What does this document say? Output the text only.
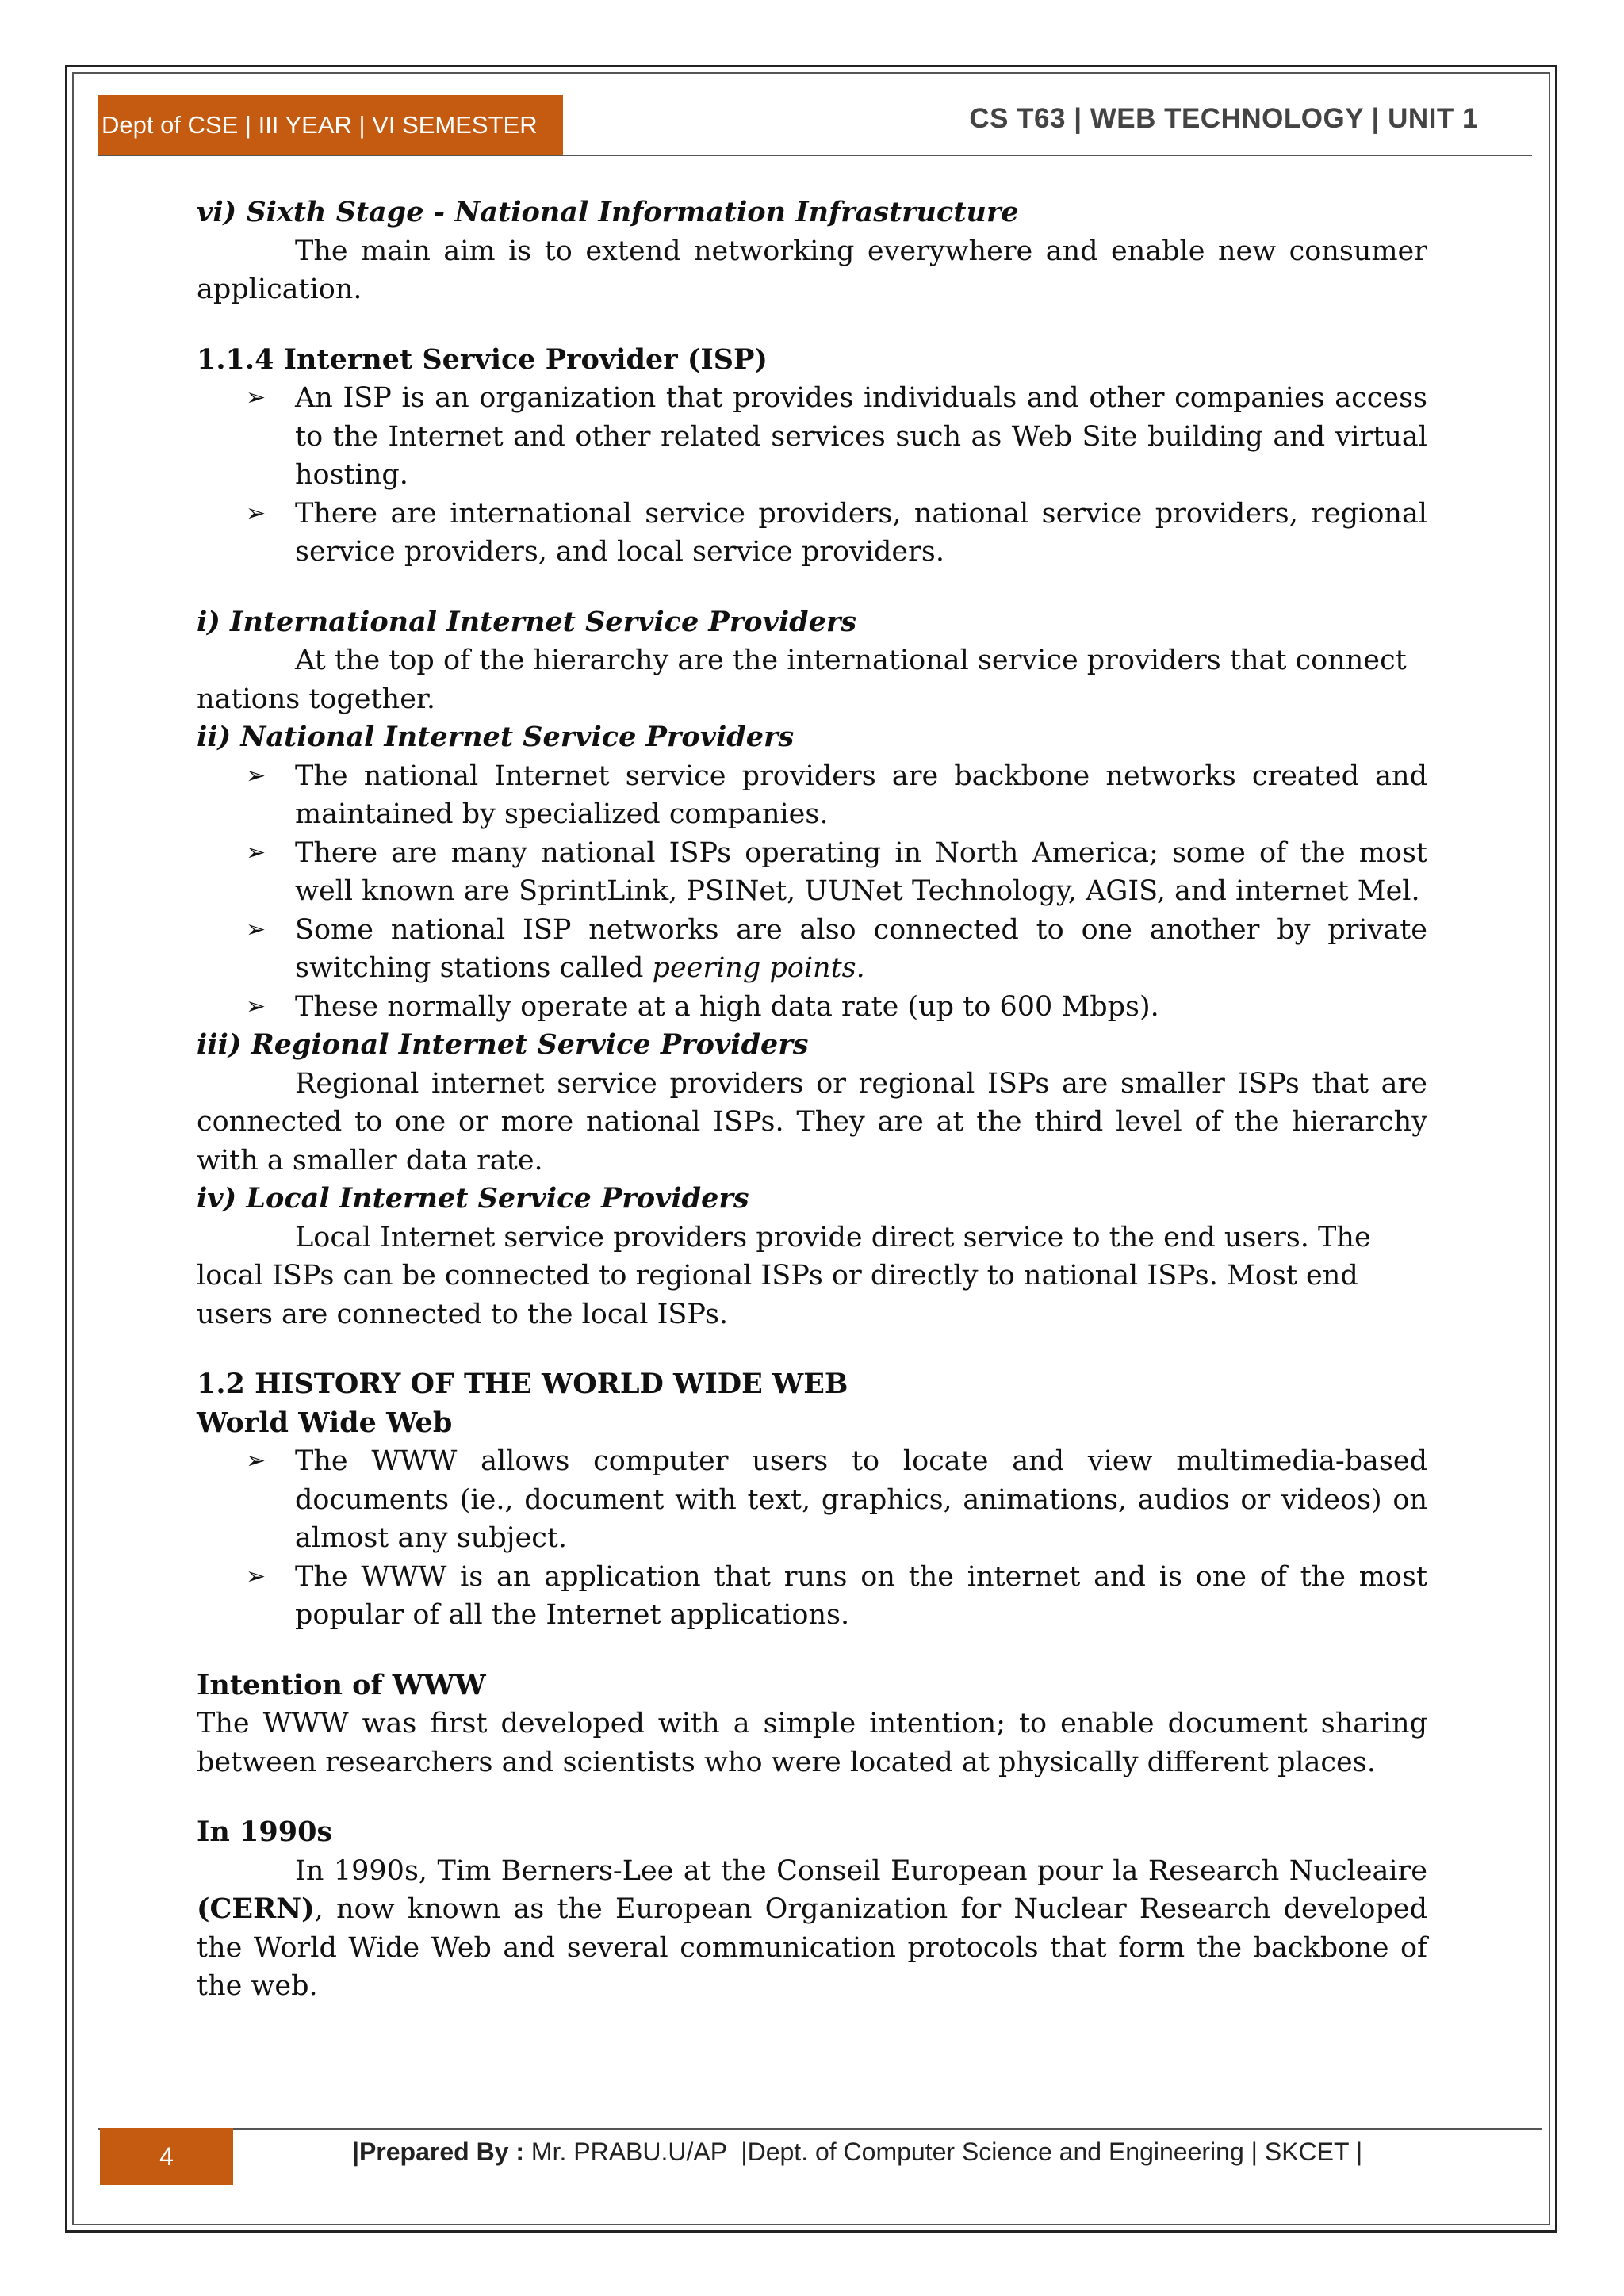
Dept of CSE | III YEAR | VI SEMESTER	CS T63 | WEB TECHNOLOGY | UNIT 1

vi) Sixth Stage - National Information Infrastructure

The main aim is to extend networking everywhere and enable new consumer application.

1.1.4 Internet Service Provider (ISP)

➢ An ISP is an organization that provides individuals and other companies access to the Internet and other related services such as Web Site building and virtual hosting.
➢ There are international service providers, national service providers, regional service providers, and local service providers.

i) International Internet Service Providers

At the top of the hierarchy are the international service providers that connect nations together.

ii) National Internet Service Providers

➢ The national Internet service providers are backbone networks created and maintained by specialized companies.
➢ There are many national ISPs operating in North America; some of the most well known are SprintLink, PSINet, UUNet Technology, AGIS, and internet Mel.
➢ Some national ISP networks are also connected to one another by private switching stations called peering points.
➢ These normally operate at a high data rate (up to 600 Mbps).

iii) Regional Internet Service Providers

Regional internet service providers or regional ISPs are smaller ISPs that are connected to one or more national ISPs. They are at the third level of the hierarchy with a smaller data rate.

iv) Local Internet Service Providers

Local Internet service providers provide direct service to the end users. The local ISPs can be connected to regional ISPs or directly to national ISPs. Most end users are connected to the local ISPs.

1.2 HISTORY OF THE WORLD WIDE WEB

World Wide Web

➢ The WWW allows computer users to locate and view multimedia-based documents (ie., document with text, graphics, animations, audios or videos) on almost any subject.
➢ The WWW is an application that runs on the internet and is one of the most popular of all the Internet applications.

Intention of WWW

The WWW was first developed with a simple intention; to enable document sharing between researchers and scientists who were located at physically different places.

In 1990s

In 1990s, Tim Berners-Lee at the Conseil European pour la Research Nucleaire (CERN), now known as the European Organization for Nuclear Research developed the World Wide Web and several communication protocols that form the backbone of the web.

4	|Prepared By : Mr. PRABU.U/AP  |Dept. of Computer Science and Engineering | SKCET |
